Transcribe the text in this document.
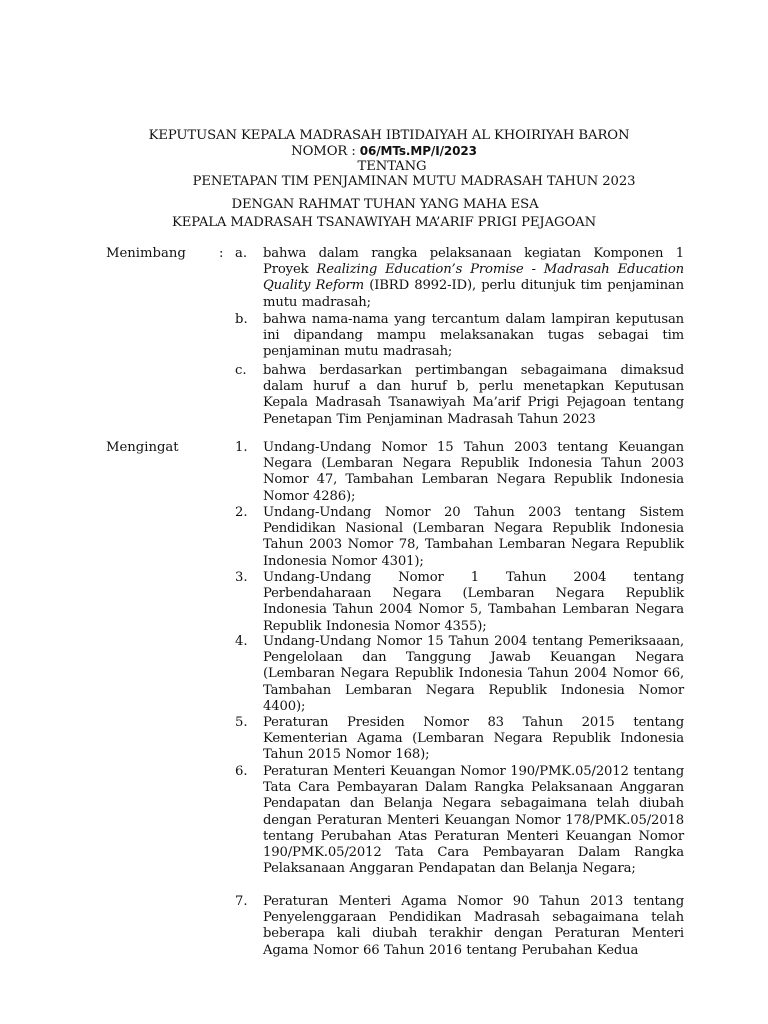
KEPUTUSAN KEPALA MADRASAH IBTIDAIYAH AL KHOIRIYAH BARON
NOMOR : 06/MTs.MP/I/2023
TENTANG
PENETAPAN TIM PENJAMINAN MUTU MADRASAH TAHUN 2023
DENGAN RAHMAT TUHAN YANG MAHA ESA
KEPALA MADRASAH TSANAWIYAH MA’ARIF PRIGI PEJAGOAN
Menimbang	: a. bahwa dalam rangka pelaksanaan kegiatan Komponen 1 Proyek Realizing Education’s Promise - Madrasah Education Quality Reform (IBRD 8992-ID), perlu ditunjuk tim penjaminan mutu madrasah;
b. bahwa nama-nama yang tercantum dalam lampiran keputusan ini dipandang mampu melaksanakan tugas sebagai tim penjaminan mutu madrasah;
c. bahwa berdasarkan pertimbangan sebagaimana dimaksud dalam huruf a dan huruf b, perlu menetapkan Keputusan Kepala Madrasah Tsanawiyah Ma’arif Prigi Pejagoan tentang Penetapan Tim Penjaminan Madrasah Tahun 2023
Mengingat	1. Undang-Undang Nomor 15 Tahun 2003 tentang Keuangan Negara (Lembaran Negara Republik Indonesia Tahun 2003 Nomor 47, Tambahan Lembaran Negara Republik Indonesia Nomor 4286);
2. Undang-Undang Nomor 20 Tahun 2003 tentang Sistem Pendidikan Nasional (Lembaran Negara Republik Indonesia Tahun 2003 Nomor 78, Tambahan Lembaran Negara Republik Indonesia Nomor 4301);
3. Undang-Undang Nomor 1 Tahun 2004 tentang Perbendaharaan Negara (Lembaran Negara Republik Indonesia Tahun 2004 Nomor 5, Tambahan Lembaran Negara Republik Indonesia Nomor 4355);
4. Undang-Undang Nomor 15 Tahun 2004 tentang Pemeriksaaan, Pengelolaan dan Tanggung Jawab Keuangan Negara (Lembaran Negara Republik Indonesia Tahun 2004 Nomor 66, Tambahan Lembaran Negara Republik Indonesia Nomor 4400);
5. Peraturan Presiden Nomor 83 Tahun 2015 tentang Kementerian Agama (Lembaran Negara Republik Indonesia Tahun 2015 Nomor 168);
6. Peraturan Menteri Keuangan Nomor 190/PMK.05/2012 tentang Tata Cara Pembayaran Dalam Rangka Pelaksanaan Anggaran Pendapatan dan Belanja Negara sebagaimana telah diubah dengan Peraturan Menteri Keuangan Nomor 178/PMK.05/2018 tentang Perubahan Atas Peraturan Menteri Keuangan Nomor 190/PMK.05/2012 Tata Cara Pembayaran Dalam Rangka Pelaksanaan Anggaran Pendapatan dan Belanja Negara;
7. Peraturan Menteri Agama Nomor 90 Tahun 2013 tentang Penyelenggaraan Pendidikan Madrasah sebagaimana telah beberapa kali diubah terakhir dengan Peraturan Menteri Agama Nomor 66 Tahun 2016 tentang Perubahan Kedua
